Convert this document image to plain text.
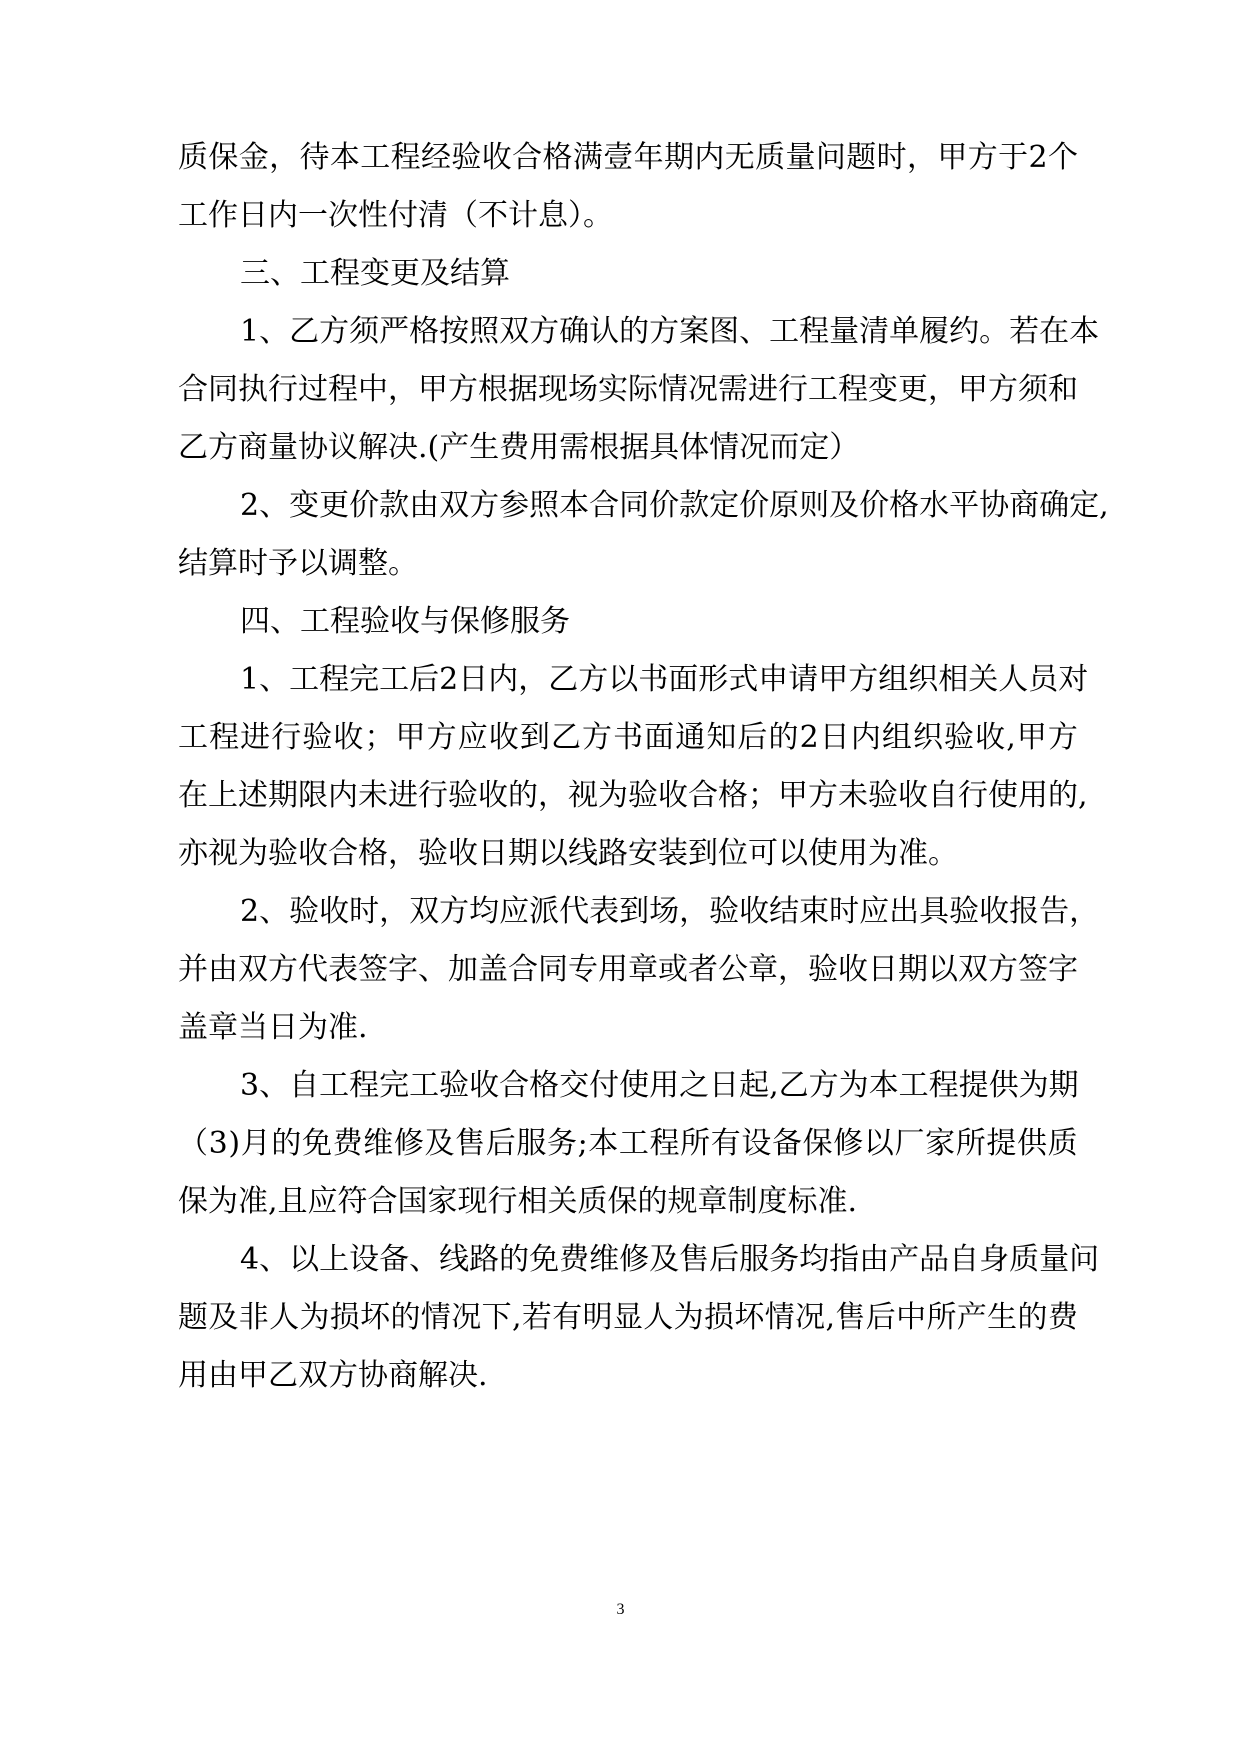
质 保 金 ， 待 本 工 程 经 验 收 合 格 满 壹 年 期 内 无 质 量 问 题 时 ， 甲 方 于 2 个
工作日内一次性付清（不计息）。
三、工程变更及结算
1 、 乙 方 须 严 格 按 照 双 方 确 认 的 方 案 图 、 工 程 量 清 单 履 约 。 若 在 本
合 同 执 行 过 程 中 ， 甲 方 根 据 现 场 实 际 情 况 需 进 行 工 程 变 更 ， 甲 方 须 和
乙方商量协议解决.(产生费用需根据具体情况而定）
2 、 变 更 价 款 由 双 方 参 照 本 合 同 价 款 定 价 原 则 及 价 格 水 平 协 商 确 定 ,
结算时予以调整。
四、工程验收与保修服务
1 、 工 程 完 工 后 2 日 内 ， 乙 方 以 书 面 形 式 申 请 甲 方 组 织 相 关 人 员 对
工 程 进 行 验 收 ； 甲 方 应 收 到 乙 方 书 面 通 知 后 的 2 日 内 组 织 验 收 , 甲 方
在 上 述 期 限 内 未 进 行 验 收 的 ， 视 为 验 收 合 格 ； 甲 方 未 验 收 自 行 使 用 的 ,
亦视为验收合格，验收日期以线路安装到位可以使用为准。
2 、 验 收 时 ， 双 方 均 应 派 代 表 到 场 ， 验 收 结 束 时 应 出 具 验 收 报 告 ，
并 由 双 方 代 表 签 字 、 加 盖 合 同 专 用 章 或 者 公 章 ， 验 收 日 期 以 双 方 签 字
盖章当日为准.
3 、 自 工 程 完 工 验 收 合 格 交 付 使 用 之 日 起 , 乙 方 为 本 工 程 提 供 为 期
（ 3 ) 月 的 免 费 维 修 及 售 后 服 务 ; 本 工 程 所 有 设 备 保 修 以 厂 家 所 提 供 质
保为准,且应符合国家现行相关质保的规章制度标准.
4 、 以 上 设 备 、 线 路 的 免 费 维 修 及 售 后 服 务 均 指 由 产 品 自 身 质 量 问
题 及 非 人 为 损 坏 的 情 况 下 , 若 有 明 显 人 为 损 坏 情 况 , 售 后 中 所 产 生 的 费
用由甲乙双方协商解决.
3
